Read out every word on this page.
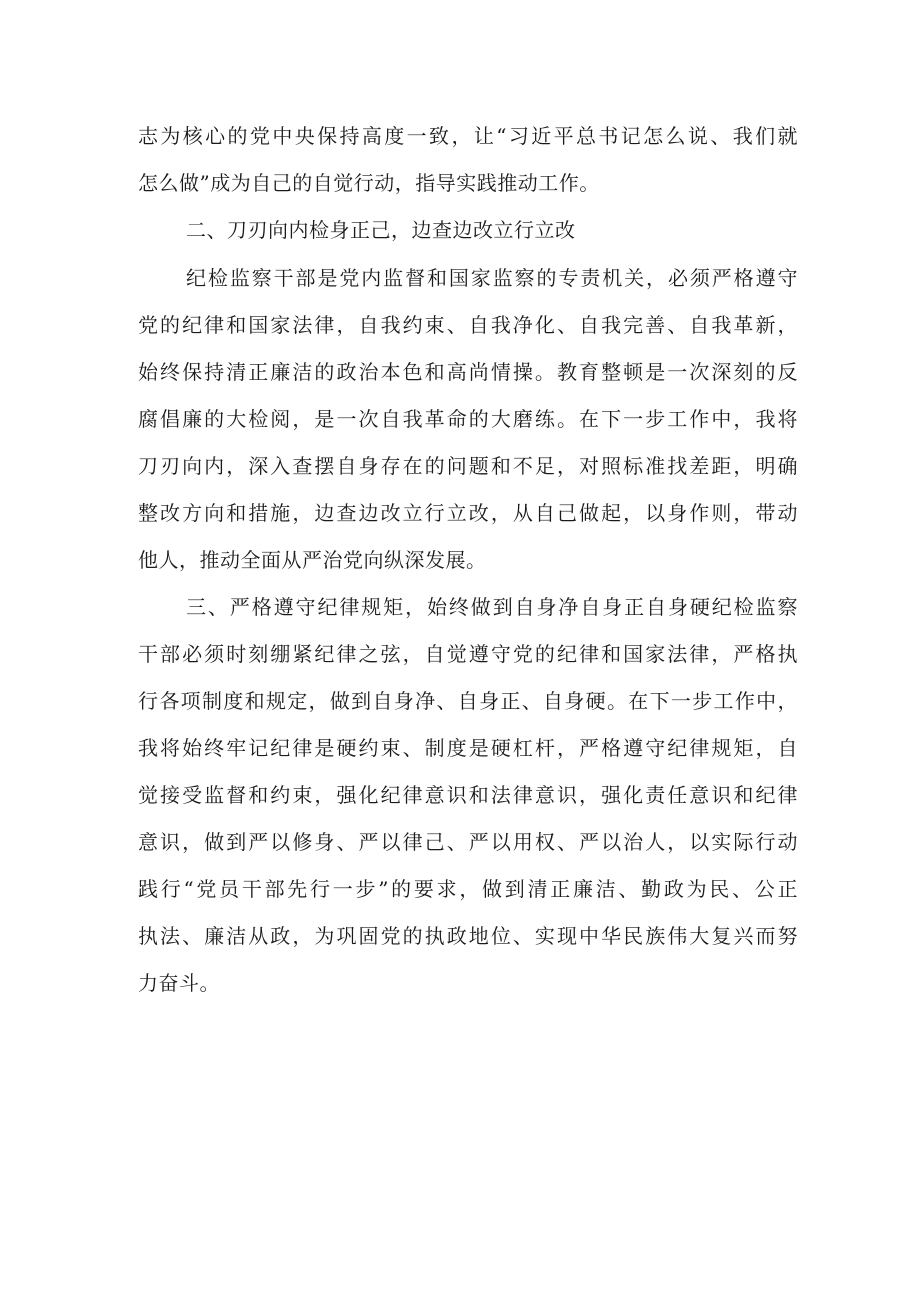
志为核心的党中央保持高度一致，让“习近平总书记怎么说、我们就
怎么做”成为自己的自觉行动，指导实践推动工作。
二、刀刃向内检身正己，边查边改立行立改
纪检监察干部是党内监督和国家监察的专责机关，必须严格遵守
党的纪律和国家法律，自我约束、自我净化、自我完善、自我革新，
始终保持清正廉洁的政治本色和高尚情操。教育整顿是一次深刻的反
腐倡廉的大检阅，是一次自我革命的大磨练。在下一步工作中，我将
刀刃向内，深入查摆自身存在的问题和不足，对照标准找差距，明确
整改方向和措施，边查边改立行立改，从自己做起，以身作则，带动
他人，推动全面从严治党向纵深发展。
三、严格遵守纪律规矩，始终做到自身净自身正自身硬纪检监察
干部必须时刻绷紧纪律之弦，自觉遵守党的纪律和国家法律，严格执
行各项制度和规定，做到自身净、自身正、自身硬。在下一步工作中，
我将始终牢记纪律是硬约束、制度是硬杠杆，严格遵守纪律规矩，自
觉接受监督和约束，强化纪律意识和法律意识，强化责任意识和纪律
意识，做到严以修身、严以律己、严以用权、严以治人，以实际行动
践行“党员干部先行一步”的要求，做到清正廉洁、勤政为民、公正
执法、廉洁从政，为巩固党的执政地位、实现中华民族伟大复兴而努
力奋斗。
